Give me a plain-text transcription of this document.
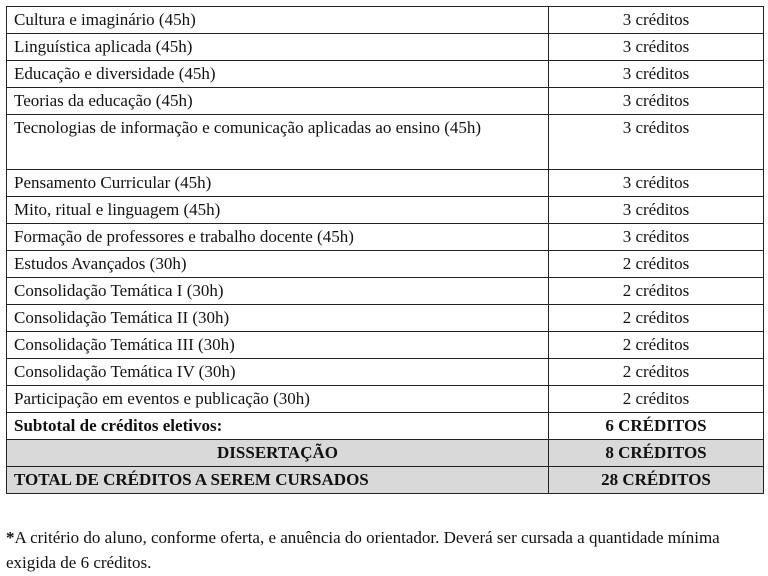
Cultura e imaginário (45h)	3 créditos
Linguística aplicada (45h)	3 créditos
Educação e diversidade (45h)	3 créditos
Teorias da educação (45h)	3 créditos
Tecnologias de informação e comunicação aplicadas ao ensino (45h)	3 créditos
Pensamento Curricular (45h)	3 créditos
Mito, ritual e linguagem (45h)	3 créditos
Formação de professores e trabalho docente (45h)	3 créditos
Estudos Avançados (30h)	2 créditos
Consolidação Temática I (30h)	2 créditos
Consolidação Temática II (30h)	2 créditos
Consolidação Temática III (30h)	2 créditos
Consolidação Temática IV (30h)	2 créditos
Participação em eventos e publicação (30h)	2 créditos
Subtotal de créditos eletivos:	6 CRÉDITOS
DISSERTAÇÃO	8 CRÉDITOS
TOTAL DE CRÉDITOS A SEREM CURSADOS	28 CRÉDITOS

*A critério do aluno, conforme oferta, e anuência do orientador. Deverá ser cursada a quantidade mínima exigida de 6 créditos.
